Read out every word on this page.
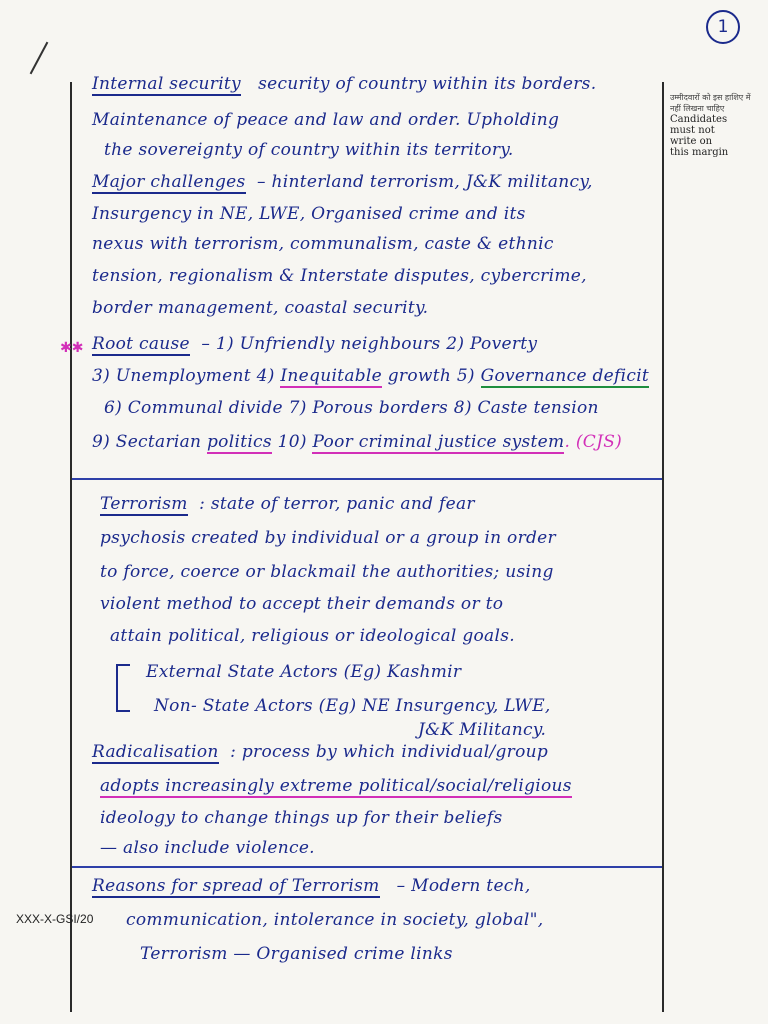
1
उम्मीदवारों को इस हाशिए में नहीं लिखना चाहिए
Candidates
must not
write on
this margin
Internal security security of country within its borders.
Maintenance of peace and law and order. Upholding
the sovereignty of country within its territory.
Major challenges – hinterland terrorism, J&K militancy,
Insurgency in NE, LWE, Organised crime and its
nexus with terrorism, communalism, caste & ethnic
tension, regionalism & Interstate disputes, cybercrime,
border management, coastal security.
✱✱ Root cause – 1) Unfriendly neighbours 2) Poverty
3) Unemployment 4) Inequitable growth 5) Governance deficit
6) Communal divide 7) Porous borders 8) Caste tension
9) Sectarian politics 10) Poor criminal justice system. (CJS)
Terrorism : state of terror, panic and fear
psychosis created by individual or a group in order
to force, coerce or blackmail the authorities; using
violent method to accept their demands or to
attain political, religious or ideological goals.
External State Actors (Eg) Kashmir
Non- State Actors (Eg) NE Insurgency, LWE,
J&K Militancy.
Radicalisation : process by which individual/group
adopts increasingly extreme political/social/religious
ideology to change things up for their beliefs
— also include violence.
Reasons for spread of Terrorism – Modern tech,
communication, intolerance in society, global",
Terrorism — Organised crime links
XXX-X-GSI/20
